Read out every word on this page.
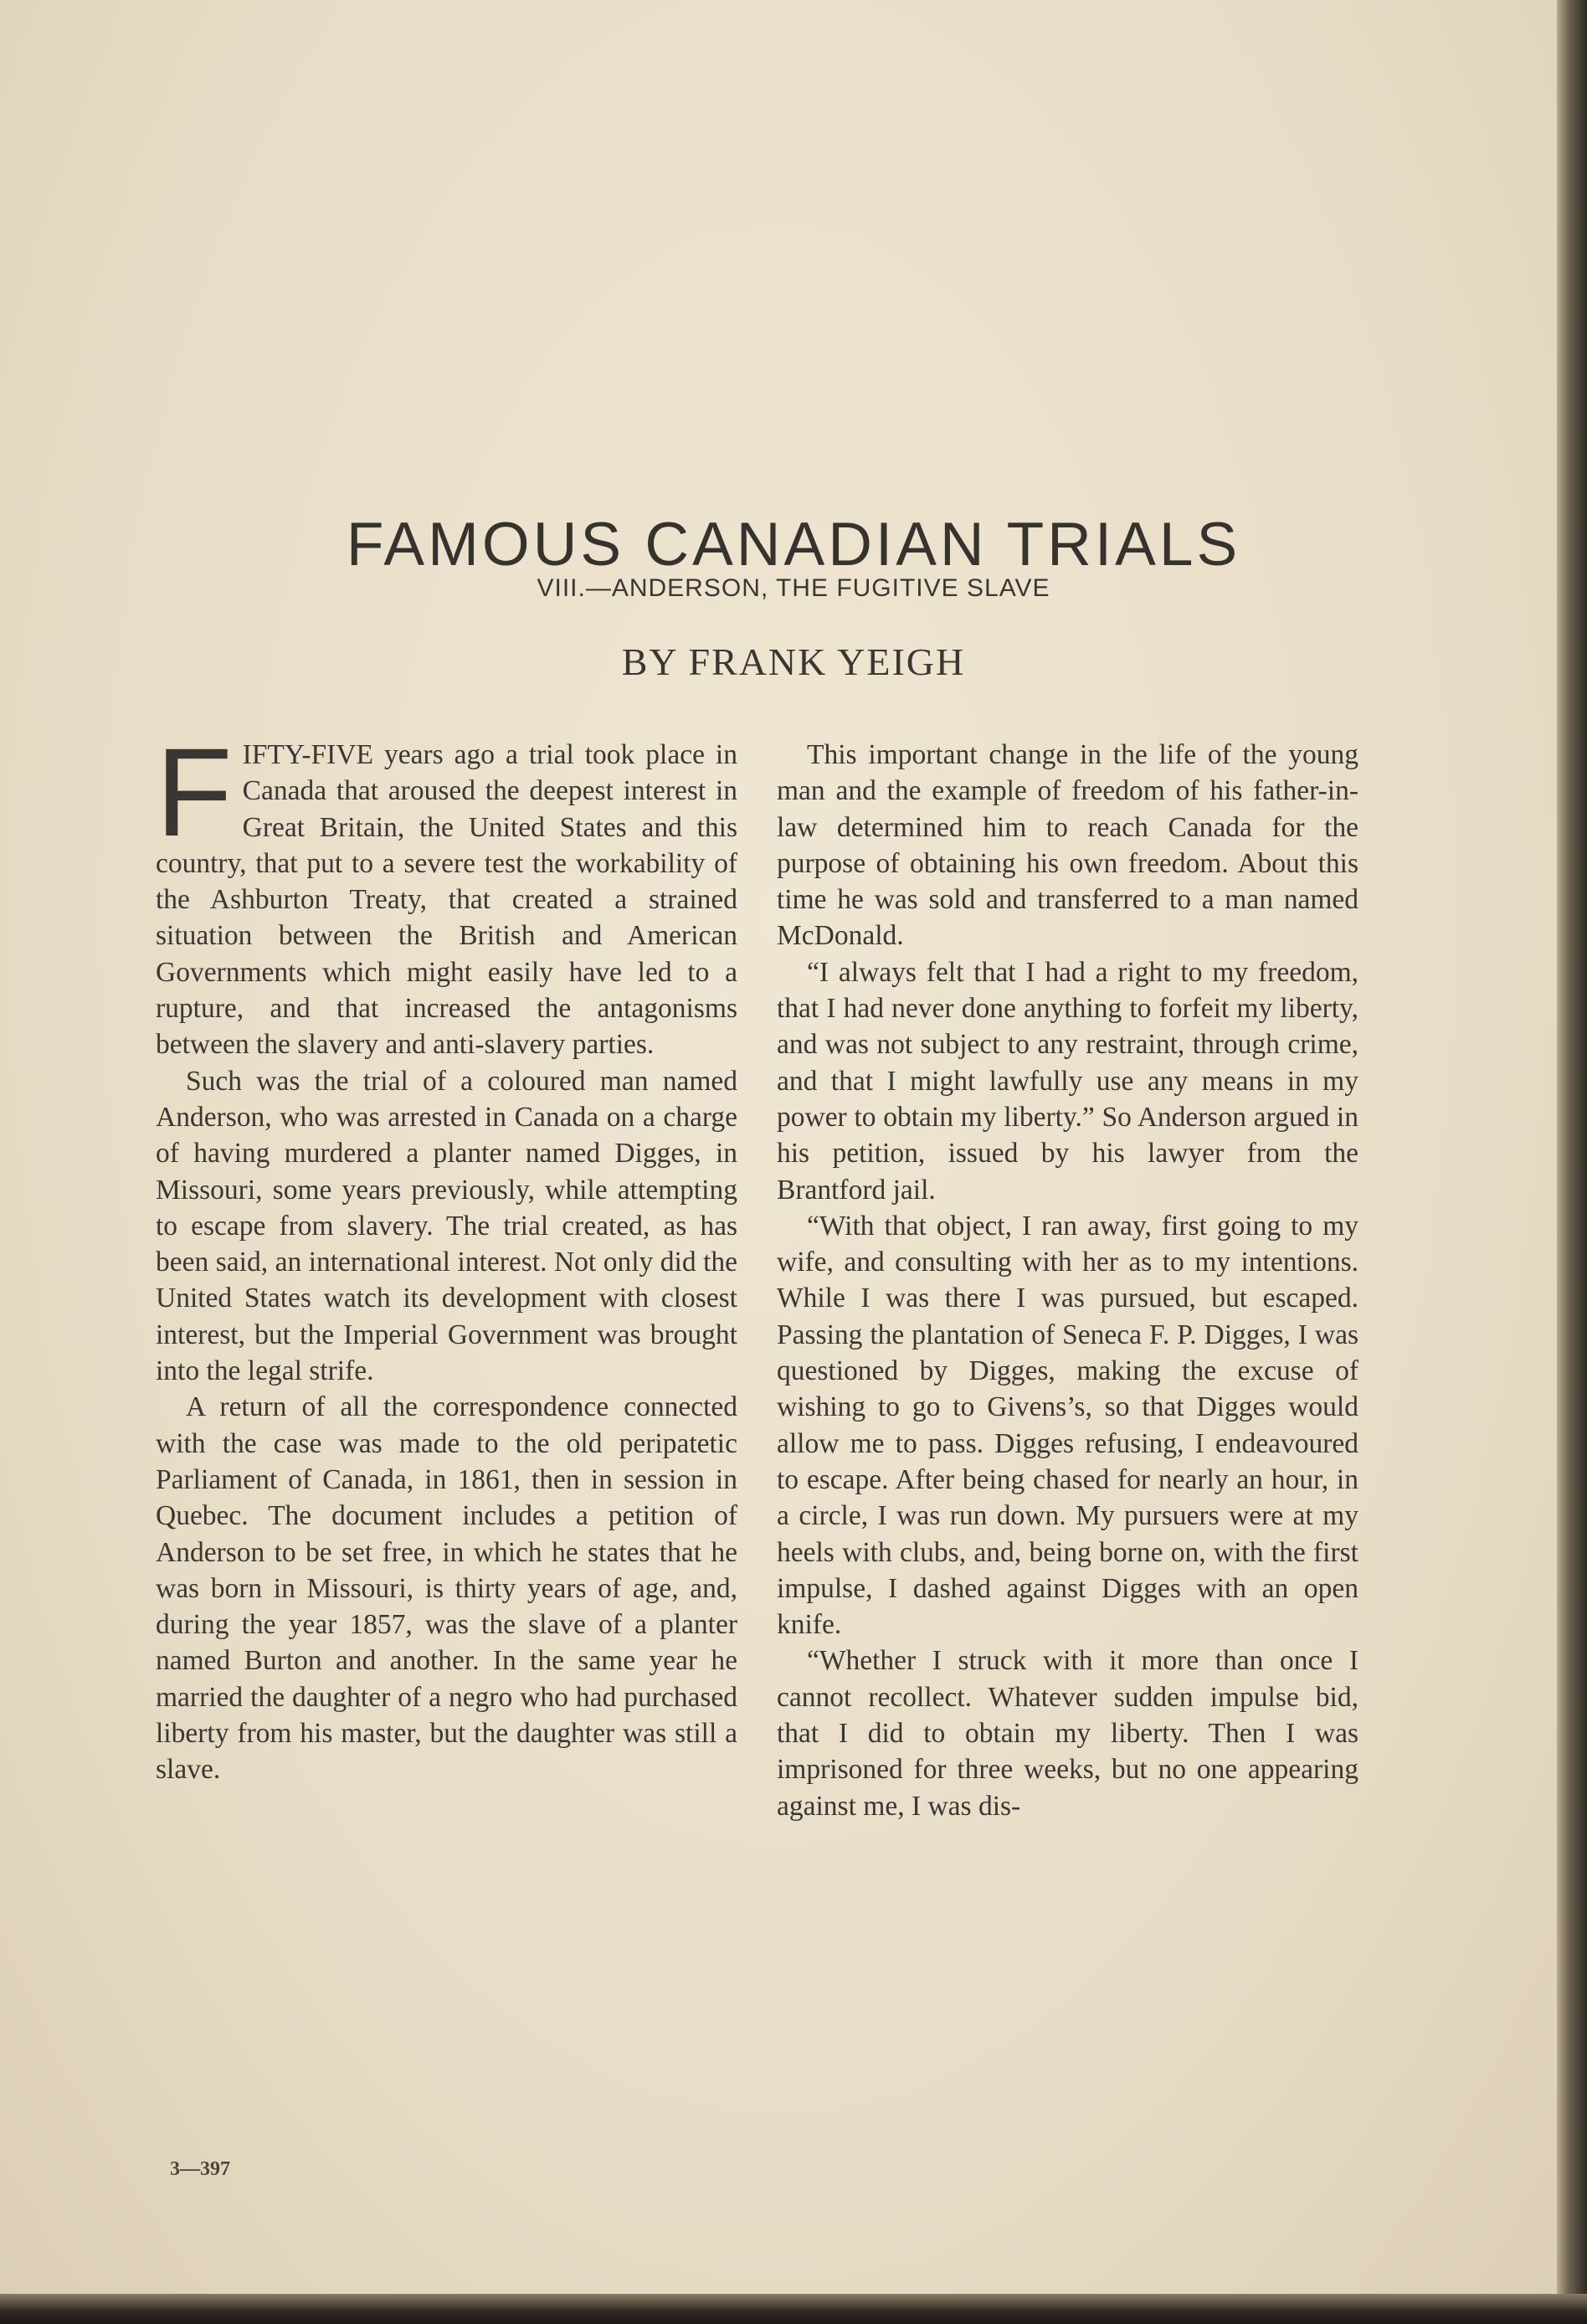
FAMOUS CANADIAN TRIALS
VIII.—ANDERSON, THE FUGITIVE SLAVE
BY FRANK YEIGH

FIFTY-FIVE years ago a trial took place in Canada that aroused the deepest interest in Great Britain, the United States and this country, that put to a severe test the workability of the Ashburton Treaty, that created a strained situation between the British and American Governments which might easily have led to a rupture, and that increased the antagonisms between the slavery and anti-slavery parties.

Such was the trial of a coloured man named Anderson, who was arrested in Canada on a charge of having murdered a planter named Digges, in Missouri, some years previously, while attempting to escape from slavery. The trial created, as has been said, an international interest. Not only did the United States watch its development with closest interest, but the Imperial Government was brought into the legal strife.

A return of all the correspondence connected with the case was made to the old peripatetic Parliament of Canada, in 1861, then in session in Quebec. The document includes a petition of Anderson to be set free, in which he states that he was born in Missouri, is thirty years of age, and, during the year 1857, was the slave of a planter named Burton and another. In the same year he married the daughter of a negro who had purchased liberty from his master, but the daughter was still a slave.

This important change in the life of the young man and the example of freedom of his father-in-law determined him to reach Canada for the purpose of obtaining his own freedom. About this time he was sold and transferred to a man named McDonald.

“I always felt that I had a right to my freedom, that I had never done anything to forfeit my liberty, and was not subject to any restraint, through crime, and that I might lawfully use any means in my power to obtain my liberty.” So Anderson argued in his petition, issued by his lawyer from the Brantford jail.

“With that object, I ran away, first going to my wife, and consulting with her as to my intentions. While I was there I was pursued, but escaped. Passing the plantation of Seneca F. P. Digges, I was questioned by Digges, making the excuse of wishing to go to Givens’s, so that Digges would allow me to pass. Digges refusing, I endeavoured to escape. After being chased for nearly an hour, in a circle, I was run down. My pursuers were at my heels with clubs, and, being borne on, with the first impulse, I dashed against Digges with an open knife.

“Whether I struck with it more than once I cannot recollect. Whatever sudden impulse bid, that I did to obtain my liberty. Then I was imprisoned for three weeks, but no one appearing against me, I was dis-

3—397
